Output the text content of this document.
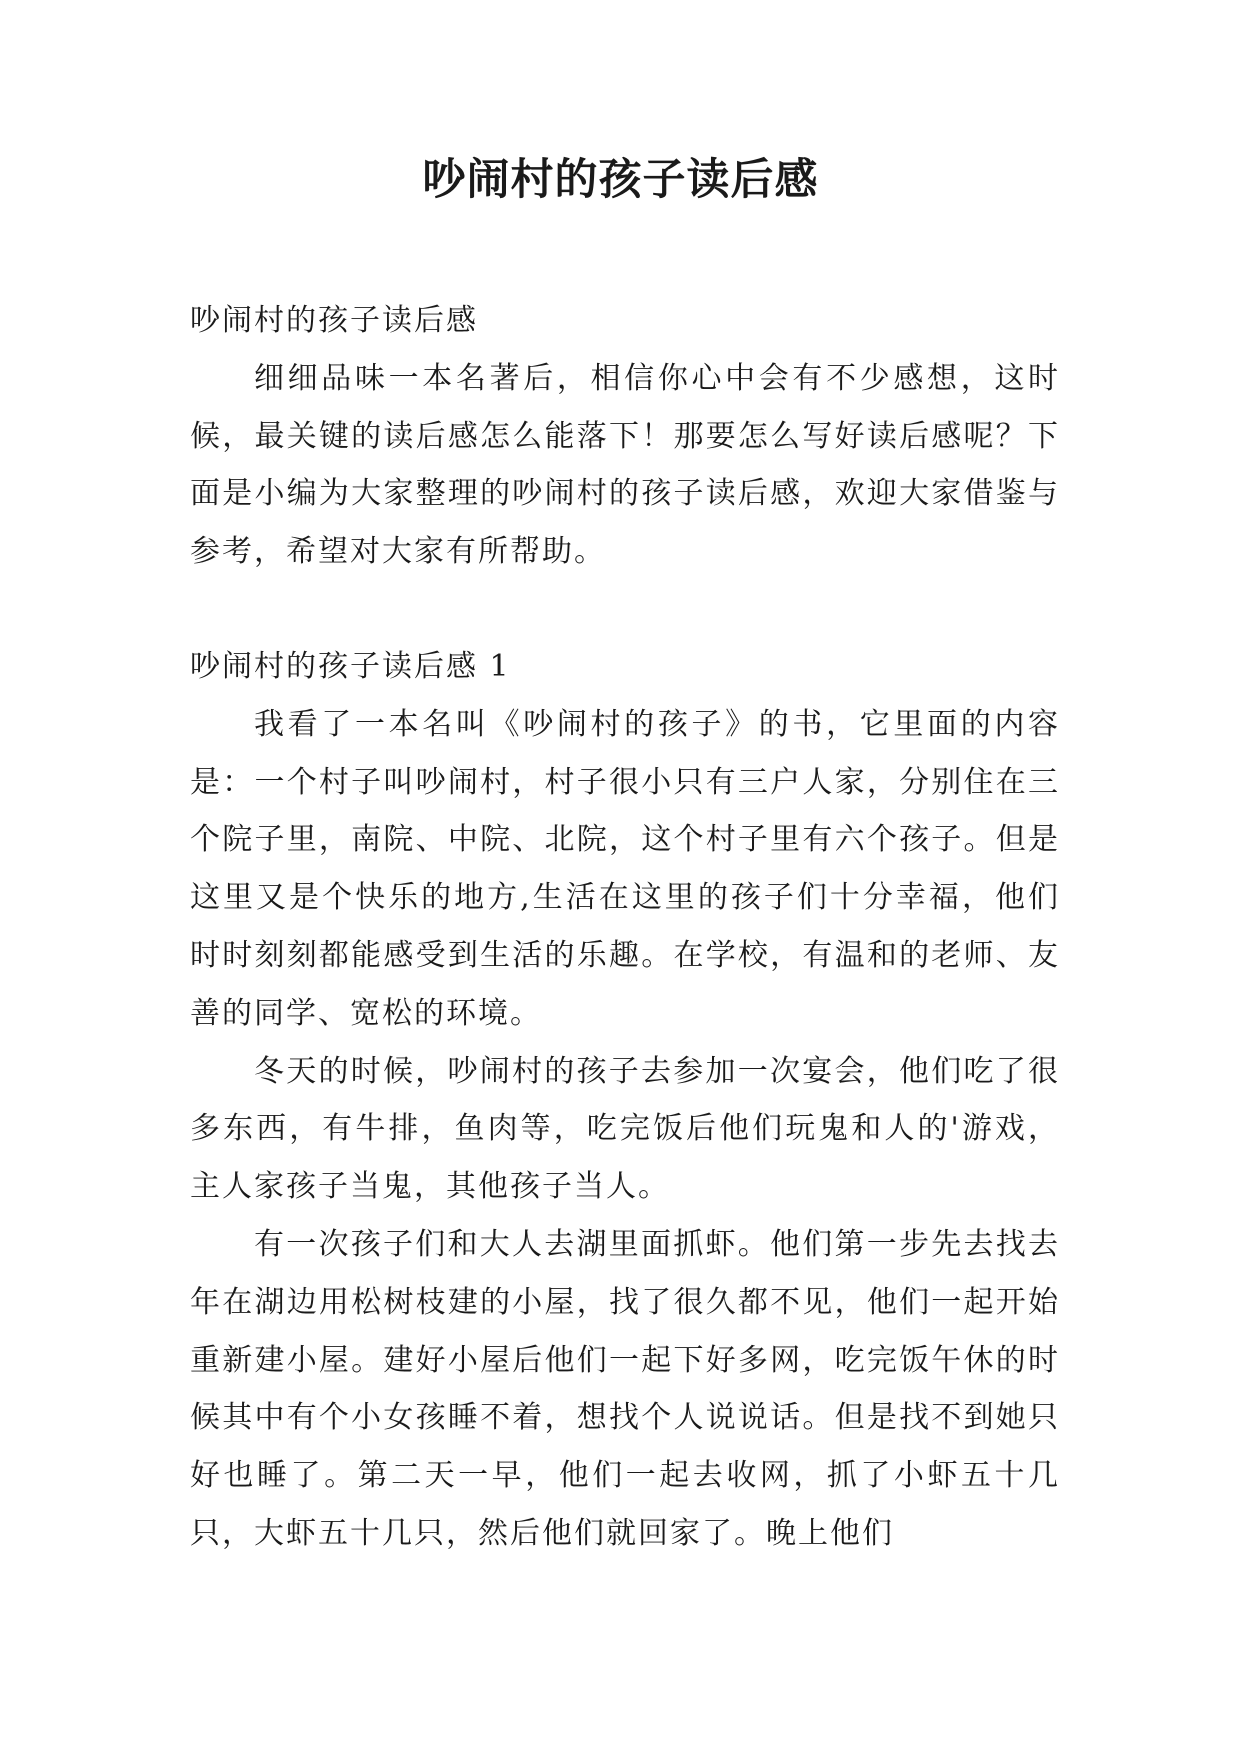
吵闹村的孩子读后感

吵闹村的孩子读后感

细细品味一本名著后，相信你心中会有不少感想，这时候，最关键的读后感怎么能落下！那要怎么写好读后感呢？下面是小编为大家整理的吵闹村的孩子读后感，欢迎大家借鉴与参考，希望对大家有所帮助。

吵闹村的孩子读后感 1

我看了一本名叫《吵闹村的孩子》的书，它里面的内容是：一个村子叫吵闹村，村子很小只有三户人家，分别住在三个院子里，南院、中院、北院，这个村子里有六个孩子。但是这里又是个快乐的地方,生活在这里的孩子们十分幸福，他们时时刻刻都能感受到生活的乐趣。在学校，有温和的老师、友善的同学、宽松的环境。

冬天的时候，吵闹村的孩子去参加一次宴会，他们吃了很多东西，有牛排，鱼肉等，吃完饭后他们玩鬼和人的'游戏，主人家孩子当鬼，其他孩子当人。

有一次孩子们和大人去湖里面抓虾。他们第一步先去找去年在湖边用松树枝建的小屋，找了很久都不见，他们一起开始重新建小屋。建好小屋后他们一起下好多网，吃完饭午休的时候其中有个小女孩睡不着，想找个人说说话。但是找不到她只好也睡了。第二天一早，他们一起去收网，抓了小虾五十几只，大虾五十几只，然后他们就回家了。晚上他们
